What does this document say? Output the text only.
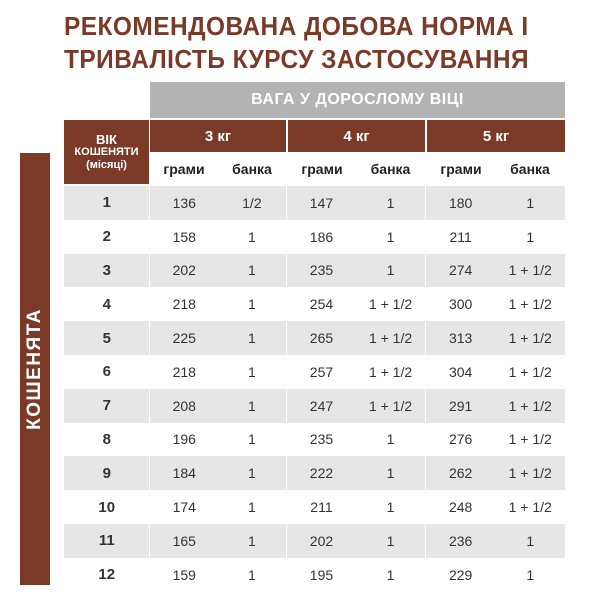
РЕКОМЕНДОВАНА ДОБОВА НОРМА І
ТРИВАЛІСТЬ КУРСУ ЗАСТОСУВАННЯ
ВАГА У ДОРОСЛОМУ ВІЦІ
ВІК
КОШЕНЯТИ
(місяці)
3 кг	4 кг	5 кг
грами	банка	грами	банка	грами	банка
КОШЕНЯТА
1	136	1/2	147	1	180	1
2	158	1	186	1	211	1
3	202	1	235	1	274	1 + 1/2
4	218	1	254	1 + 1/2	300	1 + 1/2
5	225	1	265	1 + 1/2	313	1 + 1/2
6	218	1	257	1 + 1/2	304	1 + 1/2
7	208	1	247	1 + 1/2	291	1 + 1/2
8	196	1	235	1	276	1 + 1/2
9	184	1	222	1	262	1 + 1/2
10	174	1	211	1	248	1 + 1/2
11	165	1	202	1	236	1
12	159	1	195	1	229	1
